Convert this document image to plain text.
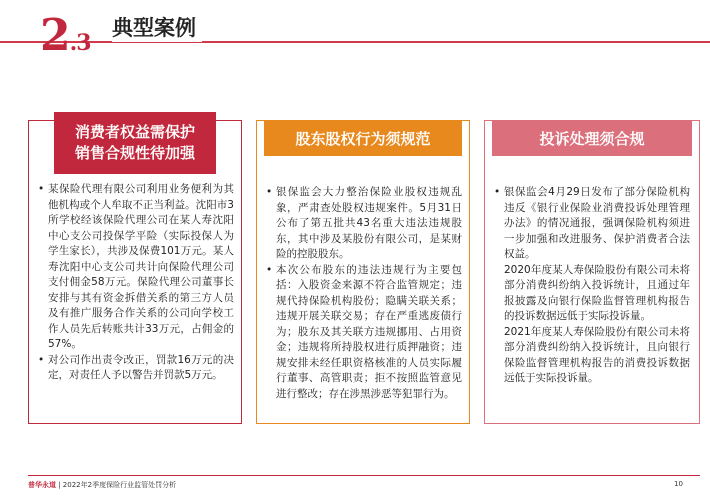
2.3
典型案例
消费者权益需保护
销售合规性待加强

• 某保险代理有限公司利用业务便利为其他机构或个人牟取不正当利益。沈阳市3所学校经该保险代理公司在某人寿沈阳中心支公司投保学平险（实际投保人为学生家长），共涉及保费101万元。某人寿沈阳中心支公司共计向保险代理公司支付佣金58万元。保险代理公司董事长安排与其有资金拆借关系的第三方人员及有推广服务合作关系的公司向学校工作人员先后转账共计33万元，占佣金的57%。

• 对公司作出责令改正，罚款16万元的决定，对责任人予以警告并罚款5万元。

股东股权行为须规范

• 银保监会大力整治保险业股权违规乱象，严肃查处股权违规案件。5月31日公布了第五批共43名重大违法违规股东，其中涉及某股份有限公司，是某财险的控股股东。

• 本次公布股东的违法违规行为主要包括：入股资金来源不符合监管规定；违规代持保险机构股份；隐瞒关联关系；违规开展关联交易；存在严重逃废债行为；股东及其关联方违规挪用、占用资金；违规将所持股权进行质押融资；违规安排未经任职资格核准的人员实际履行董事、高管职责；拒不按照监管意见进行整改；存在涉黑涉恶等犯罪行为。

投诉处理须合规

• 银保监会4月29日发布了部分保险机构违反《银行业保险业消费投诉处理管理办法》的情况通报，强调保险机构须进一步加强和改进服务、保护消费者合法权益。

2020年度某人寿保险股份有限公司未将部分消费纠纷纳入投诉统计，且通过年报披露及向银行保险监督管理机构报告的投诉数据远低于实际投诉量。

2021年度某人寿保险股份有限公司未将部分消费纠纷纳入投诉统计，且向银行保险监督管理机构报告的消费投诉数据远低于实际投诉量。

普华永道 | 2022年2季度保险行业监管处罚分析	10
